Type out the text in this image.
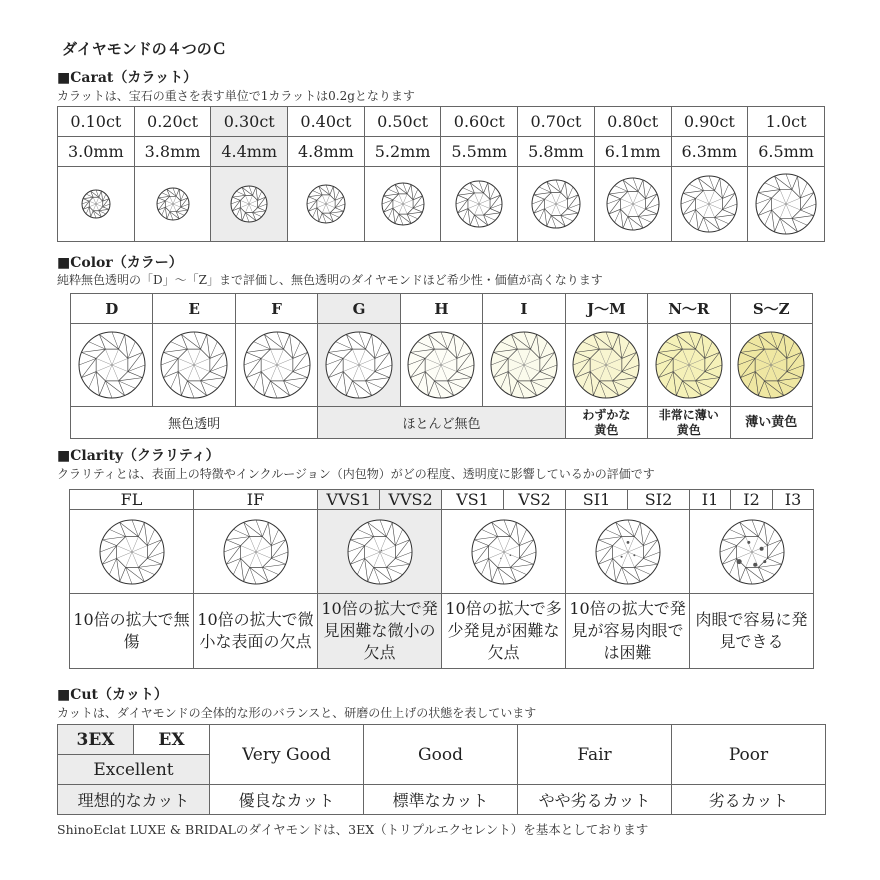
ダイヤモンドの４つのＣ
■Carat（カラット）
カラットは、宝石の重さを表す単位で1カラットは0.2gとなります
0.10ct	0.20ct	0.30ct	0.40ct	0.50ct	0.60ct	0.70ct	0.80ct	0.90ct	1.0ct
3.0mm	3.8mm	4.4mm	4.8mm	5.2mm	5.5mm	5.8mm	6.1mm	6.3mm	6.5mm

■Color（カラー）
純粋無色透明の「D」～「Z」まで評価し、無色透明のダイヤモンドほど希少性・価値が高くなります
D	E	F	G	H	I	J～M	N～R	S～Z

無色透明			ほとんど無色			わずかな黄色	非常に薄い黄色	薄い黄色
■Clarity（クラリティ）
クラリティとは、表面上の特徴やインクルージョン（内包物）がどの程度、透明度に影響しているかの評価です
FL	IF	VVS1	VVS2	VS1	VS2	SI1	SI2	I1	I2	I3

10倍の拡大で無傷	10倍の拡大で微小な表面の欠点	10倍の拡大で発見困難な微小の欠点		10倍の拡大で多少発見が困難な欠点		10倍の拡大で発見が容易肉眼では困難		肉眼で容易に発見できる		
■Cut（カット）
カットは、ダイヤモンドの全体的な形のバランスと、研磨の仕上げの状態を表しています
3EX	EX	Very Good	Good	Fair	Poor
Excellent					
理想的なカット		優良なカット	標準なカット	やや劣るカット	劣るカット
ShinoEclat LUXE & BRIDALのダイヤモンドは、3EX（トリプルエクセレント）を基本としております
